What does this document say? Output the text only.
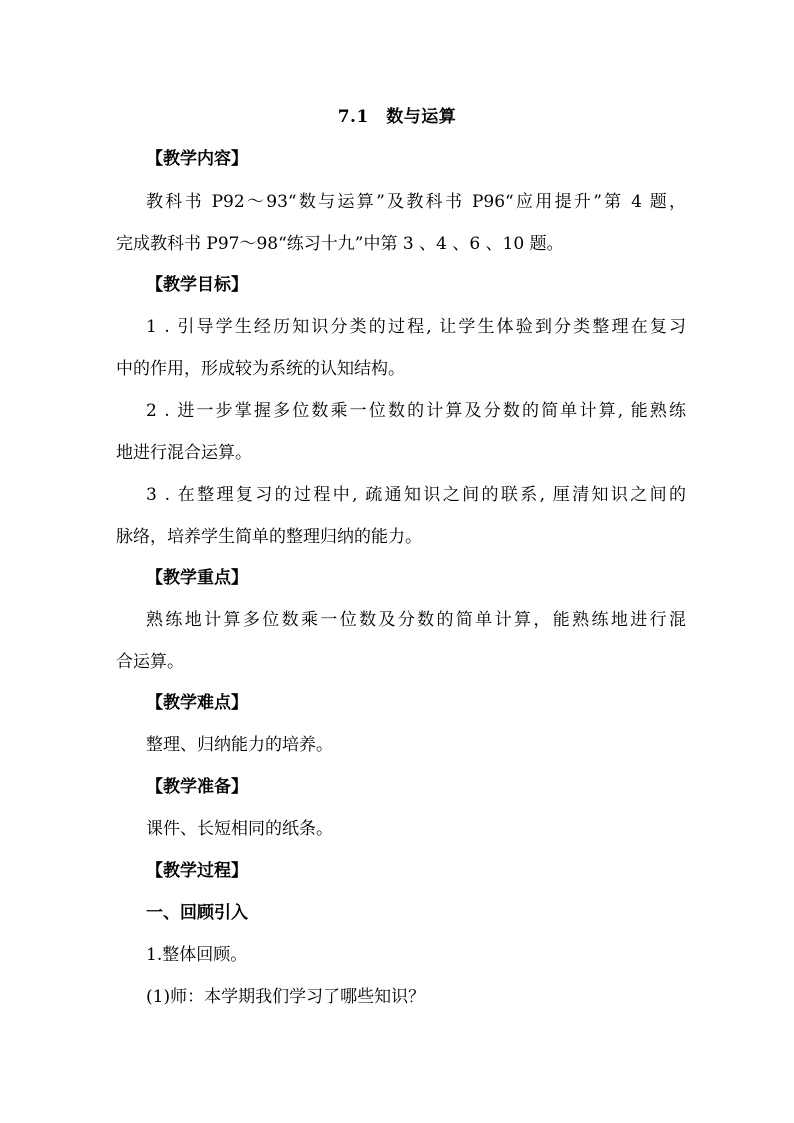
7.1　数与运算
【教学内容】
教科书 P92～93“数与运算”及教科书 P96“应用提升”第 4 题，
完成教科书 P97～98“练习十九”中第 3 、4 、6 、10 题。
【教学目标】
1 . 引导学生经历知识分类的过程, 让学生体验到分类整理在复习
中的作用，形成较为系统的认知结构。
2 . 进一步掌握多位数乘一位数的计算及分数的简单计算, 能熟练
地进行混合运算。
3 . 在整理复习的过程中, 疏通知识之间的联系, 厘清知识之间的
脉络，培养学生简单的整理归纳的能力。
【教学重点】
熟练地计算多位数乘一位数及分数的简单计算，能熟练地进行混
合运算。
【教学难点】
整理、归纳能力的培养。
【教学准备】
课件、长短相同的纸条。
【教学过程】
一、回顾引入
1.整体回顾。
(1)师：本学期我们学习了哪些知识？
